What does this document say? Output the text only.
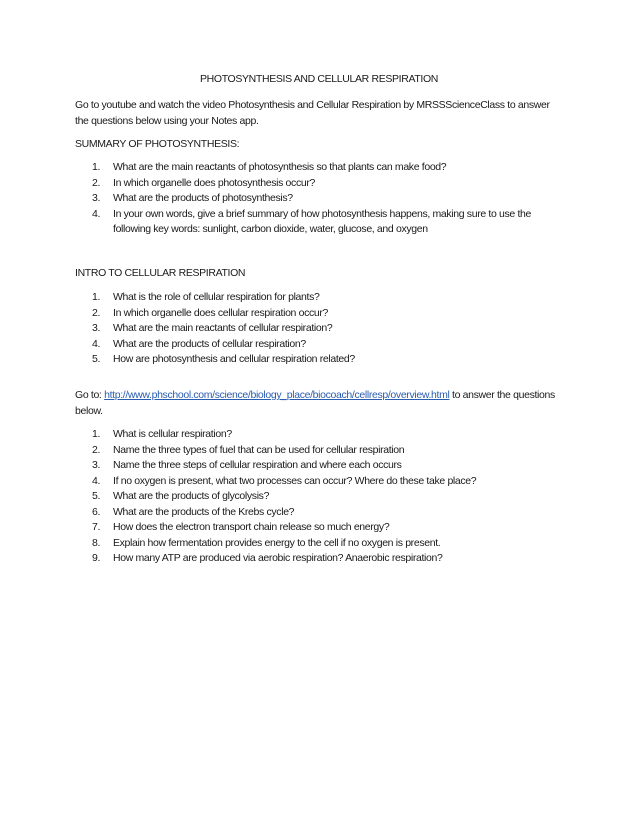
PHOTOSYNTHESIS AND CELLULAR RESPIRATION
Go to youtube and watch the video Photosynthesis and Cellular Respiration by MRSSScienceClass to answer the questions below using your Notes app.
SUMMARY OF PHOTOSYNTHESIS:
1. What are the main reactants of photosynthesis so that plants can make food?
2. In which organelle does photosynthesis occur?
3. What are the products of photosynthesis?
4. In your own words, give a brief summary of how photosynthesis happens, making sure to use the following key words: sunlight, carbon dioxide, water, glucose, and oxygen
INTRO TO CELLULAR RESPIRATION
1. What is the role of cellular respiration for plants?
2. In which organelle does cellular respiration occur?
3. What are the main reactants of cellular respiration?
4. What are the products of cellular respiration?
5. How are photosynthesis and cellular respiration related?
Go to: http://www.phschool.com/science/biology_place/biocoach/cellresp/overview.html to answer the questions below.
1. What is cellular respiration?
2. Name the three types of fuel that can be used for cellular respiration
3. Name the three steps of cellular respiration and where each occurs
4. If no oxygen is present, what two processes can occur? Where do these take place?
5. What are the products of glycolysis?
6. What are the products of the Krebs cycle?
7. How does the electron transport chain release so much energy?
8. Explain how fermentation provides energy to the cell if no oxygen is present.
9. How many ATP are produced via aerobic respiration? Anaerobic respiration?
